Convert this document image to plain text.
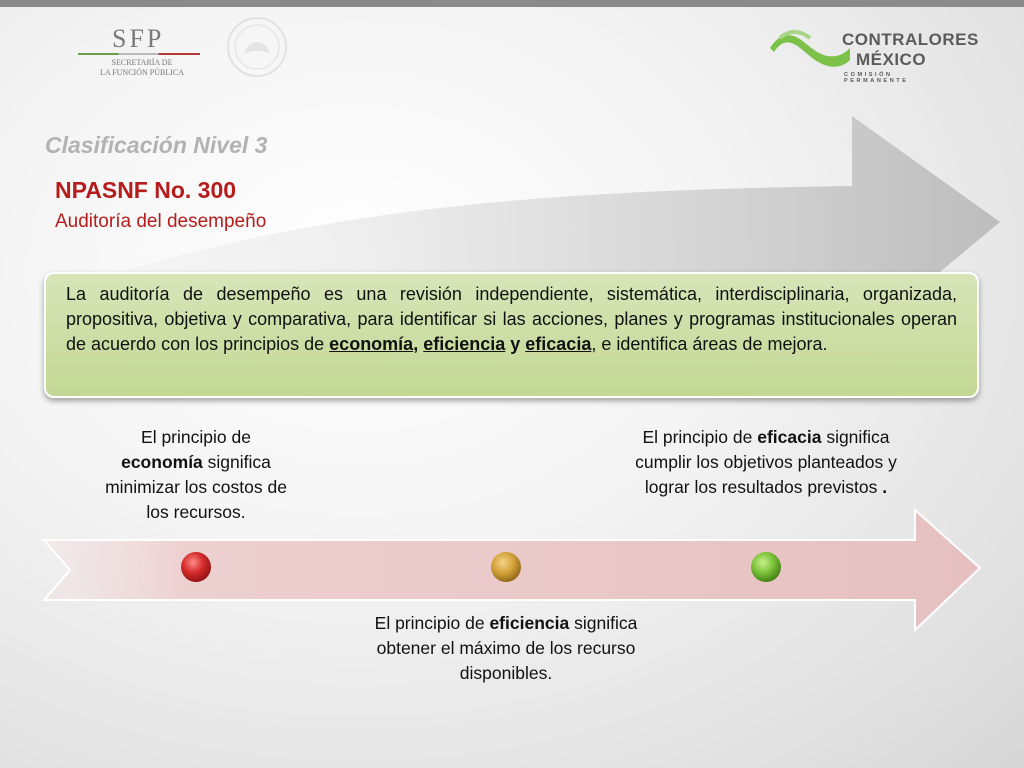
SFP
SECRETARÍA DE
LA FUNCIÓN PÚBLICA
CONTRALORES
MÉXICO
COMISIÓN PERMANENTE
Clasificación Nivel 3
NPASNF No. 300
Auditoría del desempeño
La auditoría de desempeño es una revisión independiente, sistemática, interdisciplinaria, organizada, propositiva, objetiva y comparativa, para identificar si las acciones, planes y programas institucionales operan de acuerdo con los principios de economía, eficiencia y eficacia, e identifica áreas de mejora.
El principio de economía significa minimizar los costos de los recursos.
El principio de eficacia significa cumplir los objetivos planteados y lograr los resultados previstos .
El principio de eficiencia significa obtener el máximo de los recurso disponibles.
